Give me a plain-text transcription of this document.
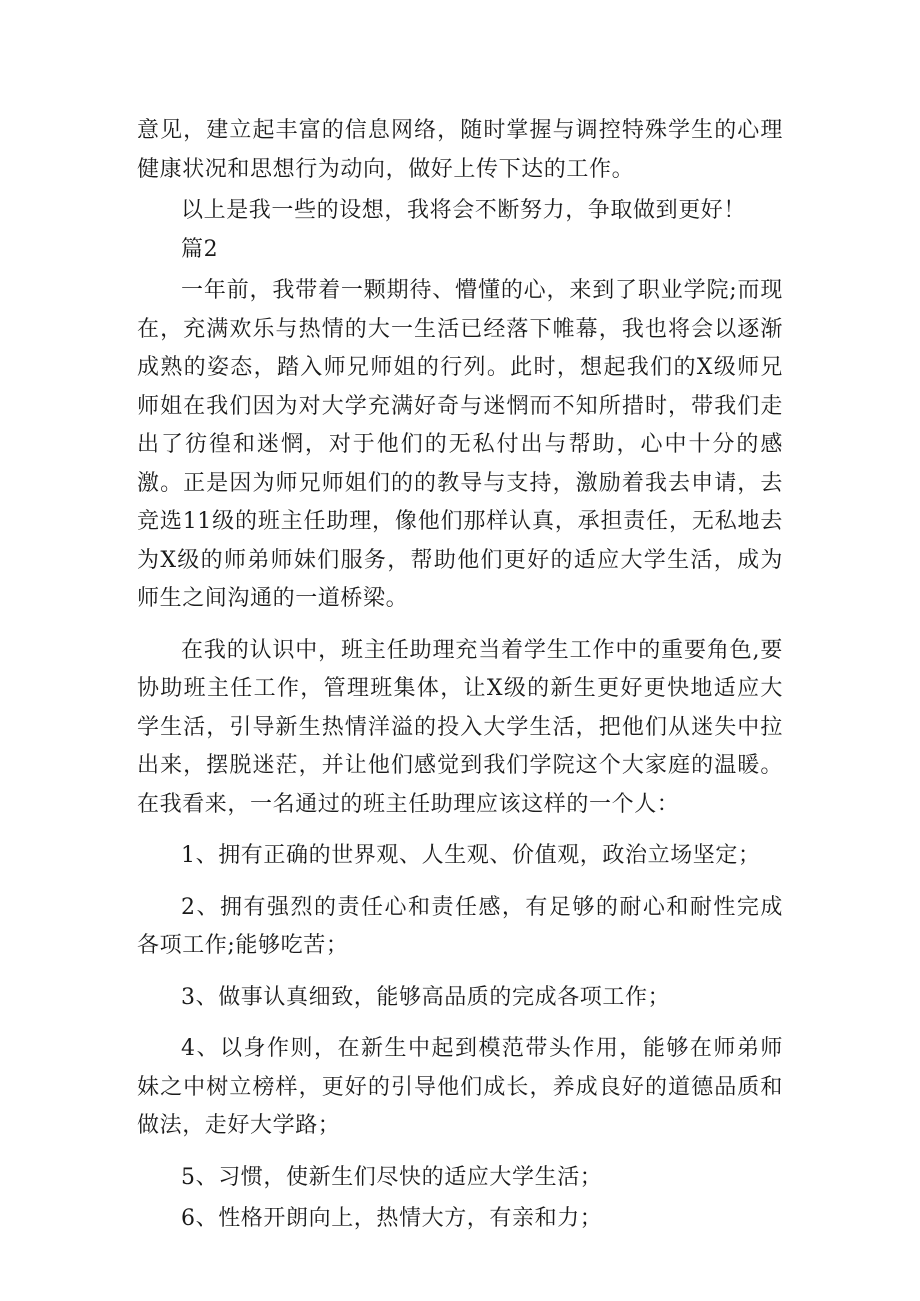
意见，建立起丰富的信息网络，随时掌握与调控特殊学生的心理健康状况和思想行为动向，做好上传下达的工作。

以上是我一些的设想，我将会不断努力，争取做到更好！

篇2

一年前，我带着一颗期待、懵懂的心，来到了职业学院;而现在，充满欢乐与热情的大一生活已经落下帷幕，我也将会以逐渐成熟的姿态，踏入师兄师姐的行列。此时，想起我们的X级师兄师姐在我们因为对大学充满好奇与迷惘而不知所措时，带我们走出了彷徨和迷惘，对于他们的无私付出与帮助，心中十分的感激。正是因为师兄师姐们的的教导与支持，激励着我去申请，去竞选11级的班主任助理，像他们那样认真，承担责任，无私地去为X级的师弟师妹们服务，帮助他们更好的适应大学生活，成为师生之间沟通的一道桥梁。

在我的认识中，班主任助理充当着学生工作中的重要角色,要协助班主任工作，管理班集体，让X级的新生更好更快地适应大学生活，引导新生热情洋溢的投入大学生活，把他们从迷失中拉出来，摆脱迷茫，并让他们感觉到我们学院这个大家庭的温暖。在我看来，一名通过的班主任助理应该这样的一个人：

1、拥有正确的世界观、人生观、价值观，政治立场坚定；

2、拥有强烈的责任心和责任感，有足够的耐心和耐性完成各项工作;能够吃苦；

3、做事认真细致，能够高品质的完成各项工作；

4、以身作则，在新生中起到模范带头作用，能够在师弟师妹之中树立榜样，更好的引导他们成长，养成良好的道德品质和做法，走好大学路；

5、习惯，使新生们尽快的适应大学生活；

6、性格开朗向上，热情大方，有亲和力；
